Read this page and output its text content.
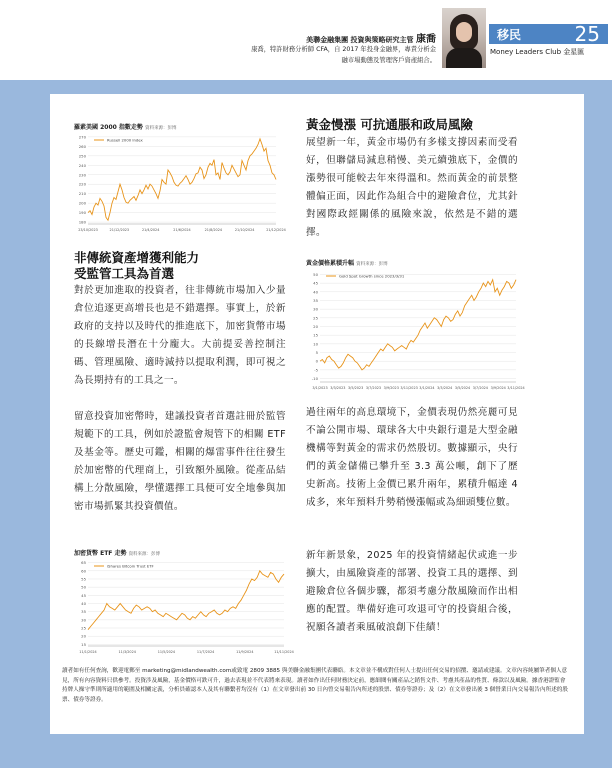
美聯金融集團 投資與策略研究主管 康喬
康喬，特許財務分析師 CFA，自 2017 年投身金融界，專責分析金融市場動態及管理客戶資產組合。
移民	25
Money Leaders Club 金星匯
羅素美國 2000 指數走勢 資料來源：彭博
180
190
200
210
220
230
240
250
260
270
23/10/2023	21/12/2023	21/4/2024	21/6/2024	21/8/2024	21/10/2024	21/12/2024
Russell 2000 Index
黃金價格累積升幅 資料來源：彭博
-10
-5
0
5
10
15
20
25
30
35
40
45
50
3/1/2023 3/3/2023 3/5/2023 3/7/2023 3/9/2023 3/11/2023 3/1/2024 3/3/2024 3/5/2024 3/7/2024 3/9/2024 3/11/2024
Gold Spot Growth since 2023/3/31
加密貨幣 ETF 走勢 資料來源：彭博
15
20
25
30
35
40
45
50
55
60
65
11/1/2024	11/3/2024	11/5/2024	11/7/2024	11/9/2024	11/11/2024
iShares Bitcoin Trust ETF
黃金慢漲 可抗通脹和政局風險
展望新一年，黃金市場仍有多樣支撐因素而受看好，但聯儲局減息稍慢、美元續強底下，金價的漲勢很可能較去年來得溫和。然而黃金的前景整體偏正面，因此作為組合中的避險倉位，尤其針對國際政經關係的風險來說，依然是不錯的選擇。
過往兩年的高息環境下，金價表現仍然亮麗可見不論公開市場、環球各大中央銀行還是大型金融機構等對黃金的需求仍然殷切。數據顯示，央行們的黃金儲備已攀升至 3.3 萬公噸，創下了歷史新高。技術上金價已累升兩年，累積升幅達 4 成多，來年預料升勢稍慢漲幅或為細頭雙位數。
新年新景象，2025 年的投資情緒起伏或進一步擴大，由風險資產的部署、投資工具的選擇、到避險倉位各個步驟，都須考慮分散風險而作出相應的配置。準備好進可攻退可守的投資組合後，祝願各讀者乘風破浪創下佳績！
非傳統資產增獲利能力
受監管工具為首選
對於更加進取的投資者，往非傳統市場加入少量倉位追逐更高增長也是不錯選擇。事實上，於新政府的支持以及時代的推進底下，加密貨幣市場的長線增長潛在十分龐大。大前提妥善控制注碼、管理風險、適時減持以提取利潤，即可視之為長期持有的工具之一。
留意投資加密幣時，建議投資者首選註冊於監管規範下的工具，例如於證監會規管下的相關 ETF 及基金等。歷史可鑑，相關的爆雷事件往往發生於加密幣的代理商上，引致額外風險。從產品結構上分散風險，學懂選擇工具便可安全地參與加密市場抓緊其投資價值。
讀者如有任何查詢，歡迎電郵至 marketing@midlandwealth.com或致電 2809 3885 與美聯金融集團代表聯絡。本文章並不構成對任何人士提出任何交易的招攬、邀請或建議。文章內容純屬筆者個人意見，所有內容資料只供參考。投資涉及風險，基金價格可跌可升，過去表現並不代表將來表現。讀者如作出任何財務決定前，應細閱有關產品之銷售文件、考慮其產品的性質、條款以及風險。據香港證監會持牌人操守準則所適用的範圍及相關定義，分析員確認本人及其有聯繫者均沒有（1）在文章發出前 30 日內曾交易報告內所述的股票、債券等證券；及（2）在文章發出後 3 個營業日內交易報告內所述的股票、債券等證券。
